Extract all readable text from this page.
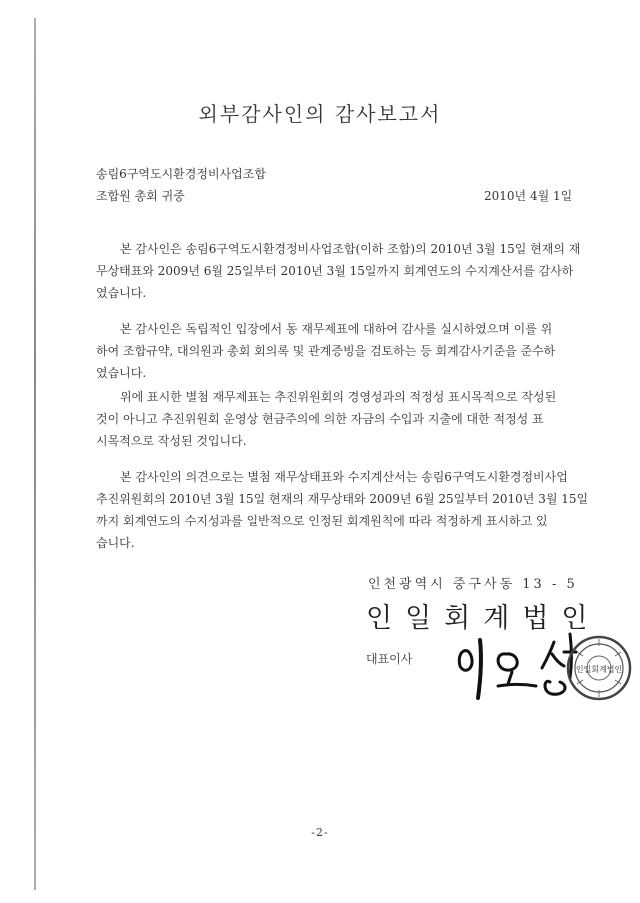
외부감사인의 감사보고서
송림6구역도시환경정비사업조합
조합원 총회 귀중	2010년 4월 1일
본 감사인은 송림6구역도시환경정비사업조합(이하 조합)의 2010년 3월 15일 현재의 재
무상태표와 2009년 6월 25일부터 2010년 3월 15일까지 회계연도의 수지계산서를 감사하
였습니다.
본 감사인은 독립적인 입장에서 동 재무제표에 대하여 감사를 실시하였으며 이를 위
하여 조합규약, 대의원과 총회 회의록 및 관계증빙을 검토하는 등 회계감사기준을 준수하
였습니다.
위에 표시한 별첨 재무제표는 추진위원회의 경영성과의 적정성 표시목적으로 작성된
것이 아니고 추진위원회 운영상 현금주의에 의한 자금의 수입과 지출에 대한 적정성 표
시목적으로 작성된 것입니다.
본 감사인의 의견으로는 별첨 재무상태표와 수지계산서는 송림6구역도시환경정비사업
추진위원회의 2010년 3월 15일 현재의 재무상태와 2009년 6월 25일부터 2010년 3월 15일
까지 회계연도의 수지성과를 일반적으로 인정된 회계원칙에 따라 적정하게 표시하고 있
습니다.
인천광역시 중구사동 13 - 5
인일회계법인
대표이사
인일회계법인
-2-
